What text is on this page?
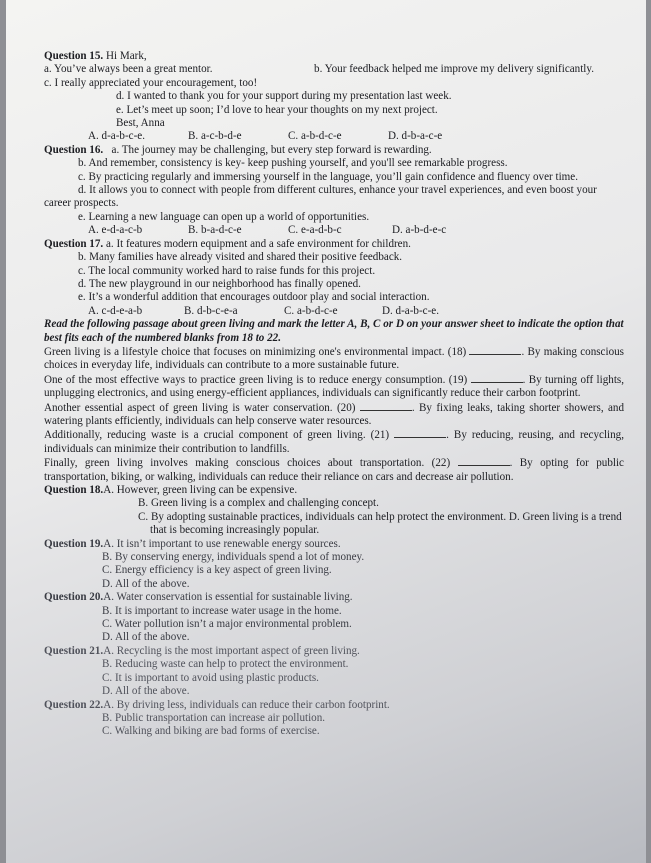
Question 15. Hi Mark,
a. You’ve always been a great mentor.	b. Your feedback helped me improve my delivery significantly.
c. I really appreciated your encouragement, too!
d. I wanted to thank you for your support during my presentation last week.
e. Let’s meet up soon; I’d love to hear your thoughts on my next project.
Best, Anna
A. d-a-b-c-e.	B. a-c-b-d-e	C. a-b-d-c-e	D. d-b-a-c-e
Question 16. a. The journey may be challenging, but every step forward is rewarding.
b. And remember, consistency is key- keep pushing yourself, and you'll see remarkable progress.
c. By practicing regularly and immersing yourself in the language, you’ll gain confidence and fluency over time.
d. It allows you to connect with people from different cultures, enhance your travel experiences, and even boost your
career prospects.
e. Learning a new language can open up a world of opportunities.
A. e-d-a-c-b	B. b-a-d-c-e	C. e-a-d-b-c	D. a-b-d-e-c
Question 17. a. It features modern equipment and a safe environment for children.
b. Many families have already visited and shared their positive feedback.
c. The local community worked hard to raise funds for this project.
d. The new playground in our neighborhood has finally opened.
e. It’s a wonderful addition that encourages outdoor play and social interaction.
A. c-d-e-a-b	B. d-b-c-e-a	C. a-b-d-c-e	D. d-a-b-c-e.
Read the following passage about green living and mark the letter A, B, C or D on your answer sheet to indicate the option that best fits each of the numbered blanks from 18 to 22.
Green living is a lifestyle choice that focuses on minimizing one's environmental impact. (18)	. By making conscious choices in everyday life, individuals can contribute to a more sustainable future.
One of the most effective ways to practice green living is to reduce energy consumption. (19)	. By turning off lights, unplugging electronics, and using energy-efficient appliances, individuals can significantly reduce their carbon footprint.
Another essential aspect of green living is water conservation. (20)	. By fixing leaks, taking shorter showers, and watering plants efficiently, individuals can help conserve water resources.
Additionally, reducing waste is a crucial component of green living. (21)	. By reducing, reusing, and recycling, individuals can minimize their contribution to landfills.
Finally, green living involves making conscious choices about transportation. (22)	. By opting for public transportation, biking, or walking, individuals can reduce their reliance on cars and decrease air pollution.
Question 18.A. However, green living can be expensive.
B. Green living is a complex and challenging concept.
C. By adopting sustainable practices, individuals can help protect the environment. D. Green living is a trend
that is becoming increasingly popular.
Question 19.A. It isn’t important to use renewable energy sources.
B. By conserving energy, individuals spend a lot of money.
C. Energy efficiency is a key aspect of green living.
D. All of the above.
Question 20.A. Water conservation is essential for sustainable living.
B. It is important to increase water usage in the home.
C. Water pollution isn’t a major environmental problem.
D. All of the above.
Question 21.A. Recycling is the most important aspect of green living.
B. Reducing waste can help to protect the environment.
C. It is important to avoid using plastic products.
D. All of the above.
Question 22.A. By driving less, individuals can reduce their carbon footprint.
B. Public transportation can increase air pollution.
C. Walking and biking are bad forms of exercise.
